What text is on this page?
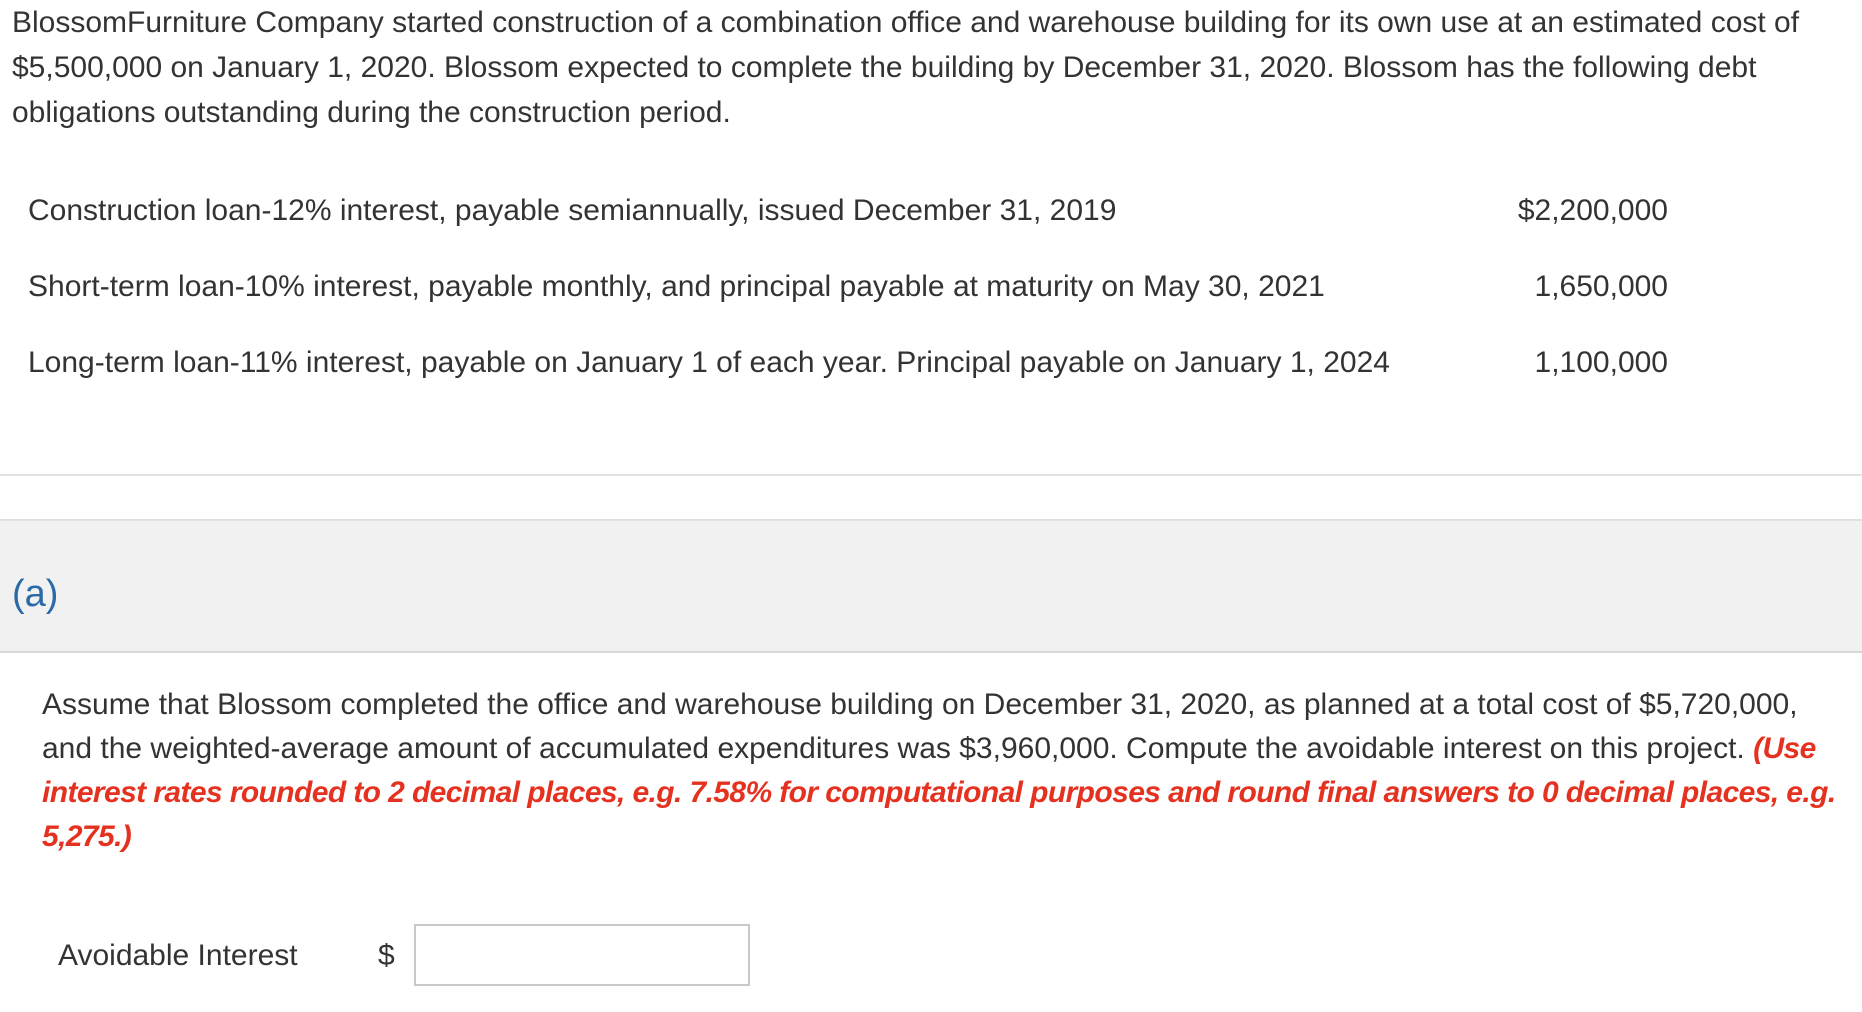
BlossomFurniture Company started construction of a combination office and warehouse building for its own use at an estimated cost of $5,500,000 on January 1, 2020. Blossom expected to complete the building by December 31, 2020. Blossom has the following debt obligations outstanding during the construction period.

Construction loan-12% interest, payable semiannually, issued December 31, 2019	$2,200,000
Short-term loan-10% interest, payable monthly, and principal payable at maturity on May 30, 2021	1,650,000
Long-term loan-11% interest, payable on January 1 of each year. Principal payable on January 1, 2024	1,100,000
(a)

Assume that Blossom completed the office and warehouse building on December 31, 2020, as planned at a total cost of $5,720,000, and the weighted-average amount of accumulated expenditures was $3,960,000. Compute the avoidable interest on this project. (Use interest rates rounded to 2 decimal places, e.g. 7.58% for computational purposes and round final answers to 0 decimal places, e.g. 5,275.)

Avoidable Interest	$
